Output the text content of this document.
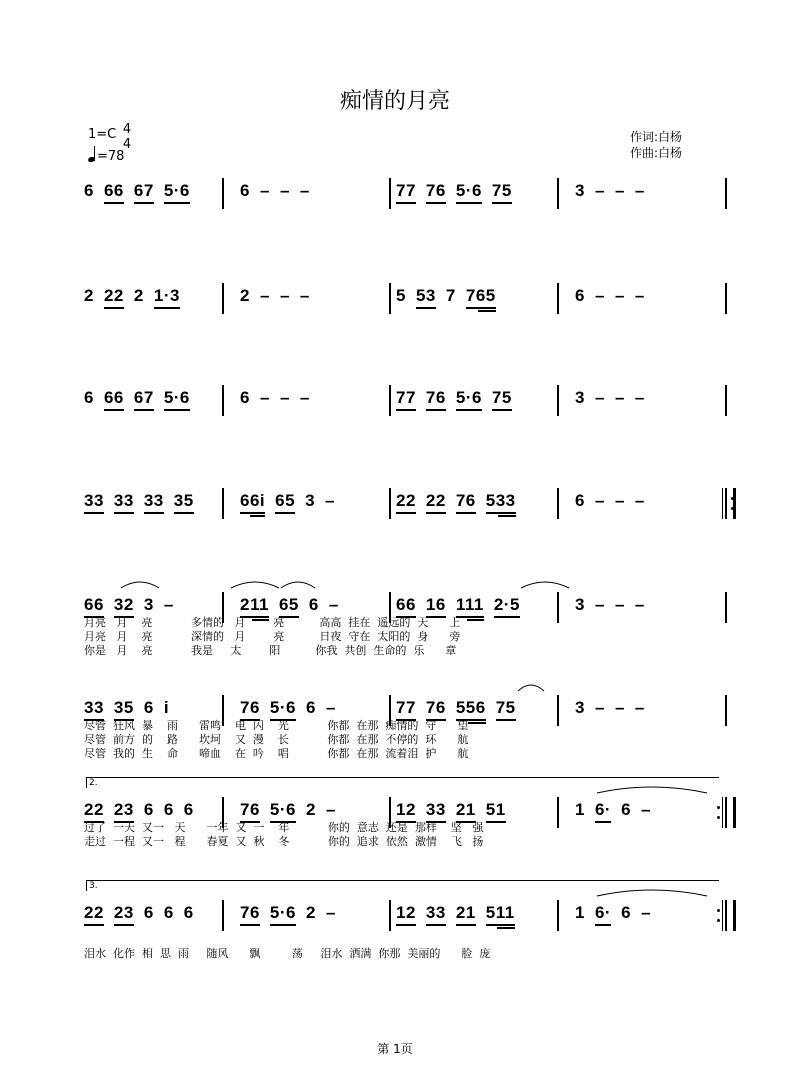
痴情的月亮
1=C 4
4
=78
作词:白杨
作曲:白杨
6 66 67 5·6	6 – – –	77 76 5·6 75	3 – – –
2 22 2 1·3	2 – – –	5 53 7 765	6 – – –
6 66 67 5·6	6 – – –	77 76 5·6 75	3 – – –
33 33 33 35	66i 65 3 –	22 22 76 533	6 – – –
66 32 3 –	211 65 6 –	66 16 111 2·5	3 – – –
月亮   月    亮           多情的   月        亮          高高  挂在  遥远的  天      上
月亮   月    亮           深情的   月        亮          日夜  守在  太阳的  身      旁
你是   月    亮           我是     太        阳          你我  共创  生命的  乐      章
33 35 6 i	76 5·6 6 –	77 76 556 75	3 – – –
尽管  狂风  暴    雨      雷鸣    电  闪    光           你都  在那  痴情的  守      望
尽管  前方  的    路      坎坷    又  漫    长           你都  在那  不停的  环      航
尽管  我的  生    命      啼血    在  吟    唱           你都  在那  流着泪  护      航
2.
22 23 6 6 6	76 5·6 2 –	12 33 21 51	1 6· 6 –
过了  一天  又一   天      一年  又  一    年           你的  意志  还是  那样    坚   强
走过  一程  又一   程      春夏  又  秋    冬           你的  追求  依然  激情    飞   扬
3.
22 23 6 6 6	76 5·6 2 –	12 33 21 511	1 6· 6 –
泪水  化作  相  思  雨     随风      飘         荡     泪水  洒满  你那  美丽的      脸  庞
第 1页
